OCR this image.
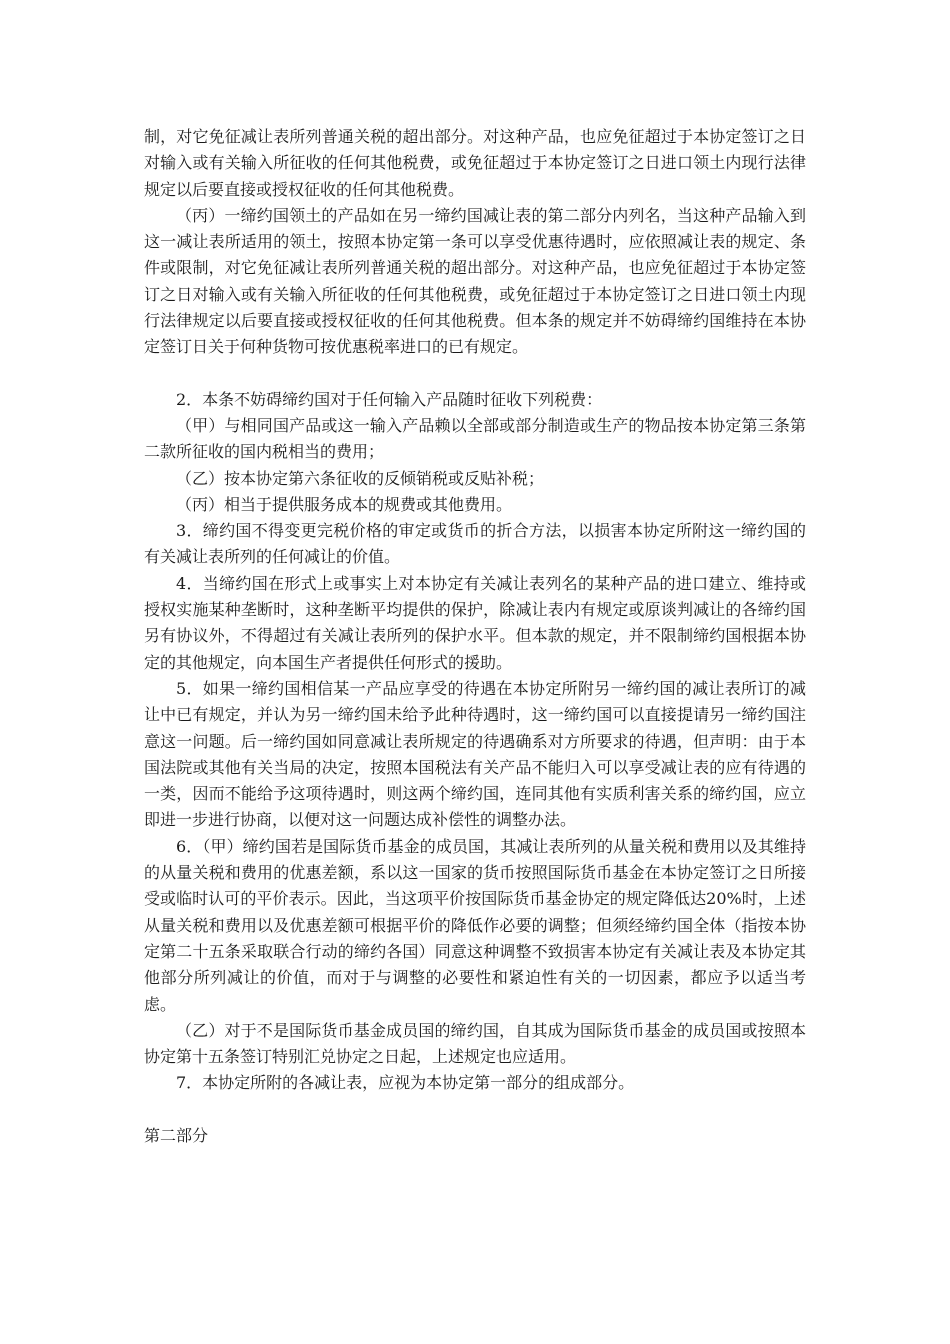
制，对它免征减让表所列普通关税的超出部分。对这种产品，也应免征超过于本协定签订之日对输入或有关输入所征收的任何其他税费，或免征超过于本协定签订之日进口领土内现行法律规定以后要直接或授权征收的任何其他税费。

（丙）一缔约国领土的产品如在另一缔约国减让表的第二部分内列名，当这种产品输入到这一减让表所适用的领土，按照本协定第一条可以享受优惠待遇时，应依照减让表的规定、条件或限制，对它免征减让表所列普通关税的超出部分。对这种产品，也应免征超过于本协定签订之日对输入或有关输入所征收的任何其他税费，或免征超过于本协定签订之日进口领土内现行法律规定以后要直接或授权征收的任何其他税费。但本条的规定并不妨碍缔约国维持在本协定签订日关于何种货物可按优惠税率进口的已有规定。

2．本条不妨碍缔约国对于任何输入产品随时征收下列税费：

（甲）与相同国产品或这一输入产品赖以全部或部分制造或生产的物品按本协定第三条第二款所征收的国内税相当的费用；

（乙）按本协定第六条征收的反倾销税或反贴补税；

（丙）相当于提供服务成本的规费或其他费用。

3．缔约国不得变更完税价格的审定或货币的折合方法，以损害本协定所附这一缔约国的有关减让表所列的任何减让的价值。

4．当缔约国在形式上或事实上对本协定有关减让表列名的某种产品的进口建立、维持或授权实施某种垄断时，这种垄断平均提供的保护，除减让表内有规定或原谈判减让的各缔约国另有协议外，不得超过有关减让表所列的保护水平。但本款的规定，并不限制缔约国根据本协定的其他规定，向本国生产者提供任何形式的援助。

5．如果一缔约国相信某一产品应享受的待遇在本协定所附另一缔约国的减让表所订的减让中已有规定，并认为另一缔约国未给予此种待遇时，这一缔约国可以直接提请另一缔约国注意这一问题。后一缔约国如同意减让表所规定的待遇确系对方所要求的待遇，但声明：由于本国法院或其他有关当局的决定，按照本国税法有关产品不能归入可以享受减让表的应有待遇的一类，因而不能给予这项待遇时，则这两个缔约国，连同其他有实质利害关系的缔约国，应立即进一步进行协商，以便对这一问题达成补偿性的调整办法。

6．（甲）缔约国若是国际货币基金的成员国，其减让表所列的从量关税和费用以及其维持的从量关税和费用的优惠差额，系以这一国家的货币按照国际货币基金在本协定签订之日所接受或临时认可的平价表示。因此，当这项平价按国际货币基金协定的规定降低达20%时，上述从量关税和费用以及优惠差额可根据平价的降低作必要的调整；但须经缔约国全体（指按本协定第二十五条采取联合行动的缔约各国）同意这种调整不致损害本协定有关减让表及本协定其他部分所列减让的价值，而对于与调整的必要性和紧迫性有关的一切因素，都应予以适当考虑。

（乙）对于不是国际货币基金成员国的缔约国，自其成为国际货币基金的成员国或按照本协定第十五条签订特别汇兑协定之日起，上述规定也应适用。

7．本协定所附的各减让表，应视为本协定第一部分的组成部分。

第二部分
